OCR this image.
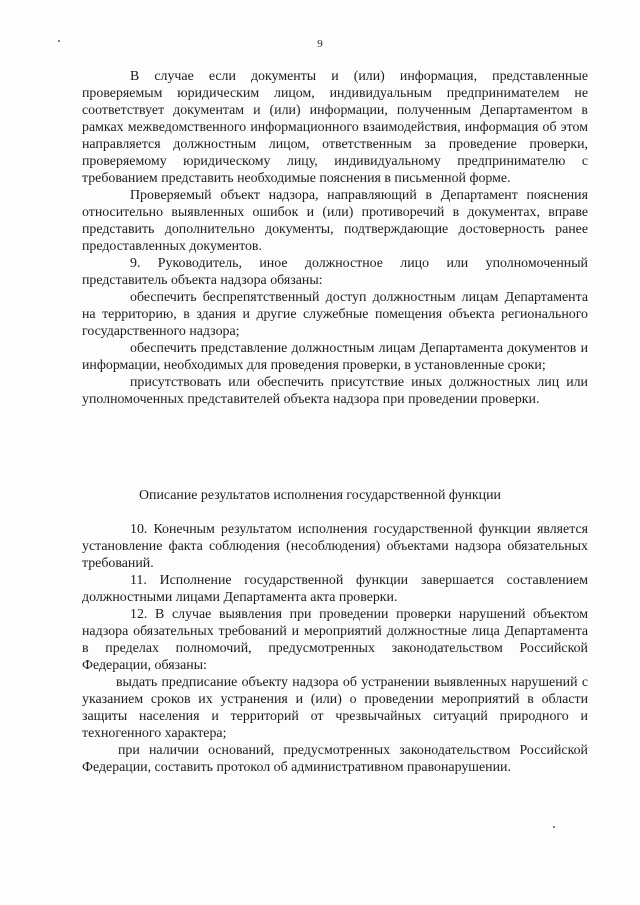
9

В случае если документы и (или) информация, представленные проверяемым юридическим лицом, индивидуальным предпринимателем не соответствует документам и (или) информации, полученным Департаментом в рамках межведомственного информационного взаимодействия, информация об этом направляется должностным лицом, ответственным за проведение проверки, проверяемому юридическому лицу, индивидуальному предпринимателю с требованием представить необходимые пояснения в письменной форме.

Проверяемый объект надзора, направляющий в Департамент пояснения относительно выявленных ошибок и (или) противоречий в документах, вправе представить дополнительно документы, подтверждающие достоверность ранее предоставленных документов.

9. Руководитель, иное должностное лицо или уполномоченный представитель объекта надзора обязаны:

обеспечить беспрепятственный доступ должностным лицам Департамента на территорию, в здания и другие служебные помещения объекта регионального государственного надзора;

обеспечить представление должностным лицам Департамента документов и информации, необходимых для проведения проверки, в установленные сроки;

присутствовать или обеспечить присутствие иных должностных лиц или уполномоченных представителей объекта надзора при проведении проверки.

Описание результатов исполнения государственной функции

10. Конечным результатом исполнения государственной функции является установление факта соблюдения (несоблюдения) объектами надзора обязательных требований.

11. Исполнение государственной функции завершается составлением должностными лицами Департамента акта проверки.

12. В случае выявления при проведении проверки нарушений объектом надзора обязательных требований и мероприятий должностные лица Департамента в пределах полномочий, предусмотренных законодательством Российской Федерации, обязаны:

выдать предписание объекту надзора об устранении выявленных нарушений с указанием сроков их устранения и (или) о проведении мероприятий в области защиты населения и территорий от чрезвычайных ситуаций природного и техногенного характера;

при наличии оснований, предусмотренных законодательством Российской Федерации, составить протокол об административном правонарушении.
